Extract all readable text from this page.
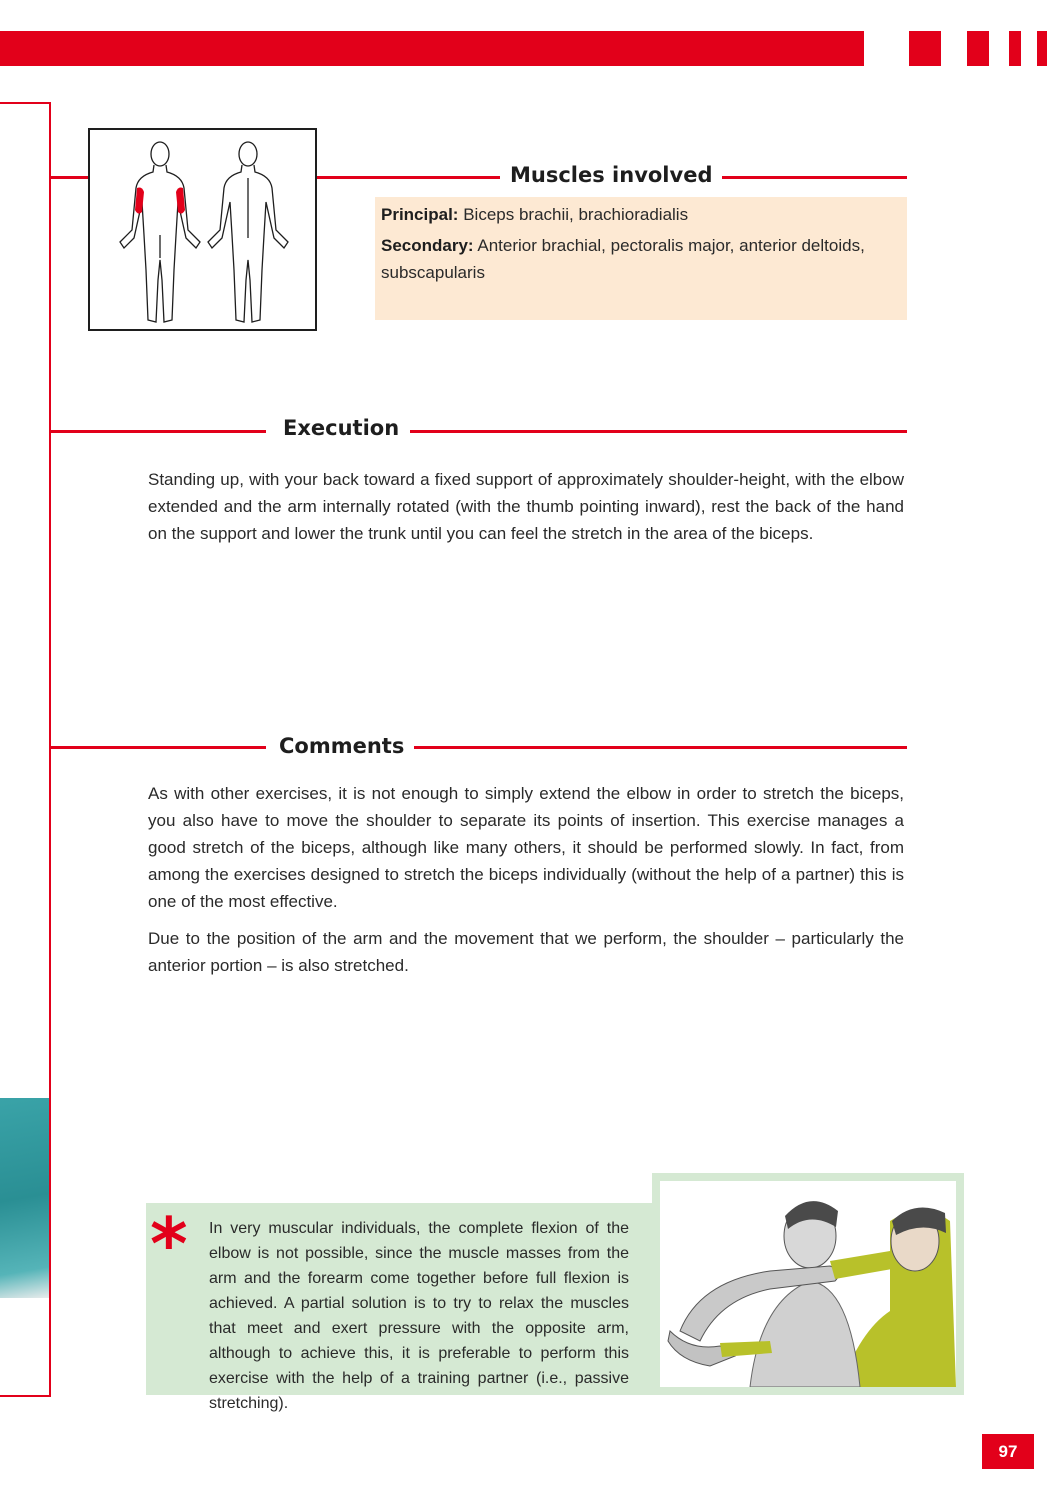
Muscles involved
Principal: Biceps brachii, brachioradialis
Secondary: Anterior brachial, pectoralis major, anterior deltoids, subscapularis
Execution

Standing up, with your back toward a fixed support of approximately shoulder-height, with the elbow extended and the arm internally rotated (with the thumb pointing inward), rest the back of the hand on the support and lower the trunk until you can feel the stretch in the area of the biceps.

Comments

As with other exercises, it is not enough to simply extend the elbow in order to stretch the biceps, you also have to move the shoulder to separate its points of insertion. This exercise manages a good stretch of the biceps, although like many others, it should be performed slowly. In fact, from among the exercises designed to stretch the biceps individually (without the help of a partner) this is one of the most effective.

Due to the position of the arm and the movement that we perform, the shoulder – particularly the anterior portion – is also stretched.

* In very muscular individuals, the complete flexion of the elbow is not possible, since the muscle masses from the arm and the forearm come together before full flexion is achieved. A partial solution is to try to relax the muscles that meet and exert pressure with the opposite arm, although to achieve this, it is preferable to perform this exercise with the help of a training partner (i.e., passive stretching).

97
